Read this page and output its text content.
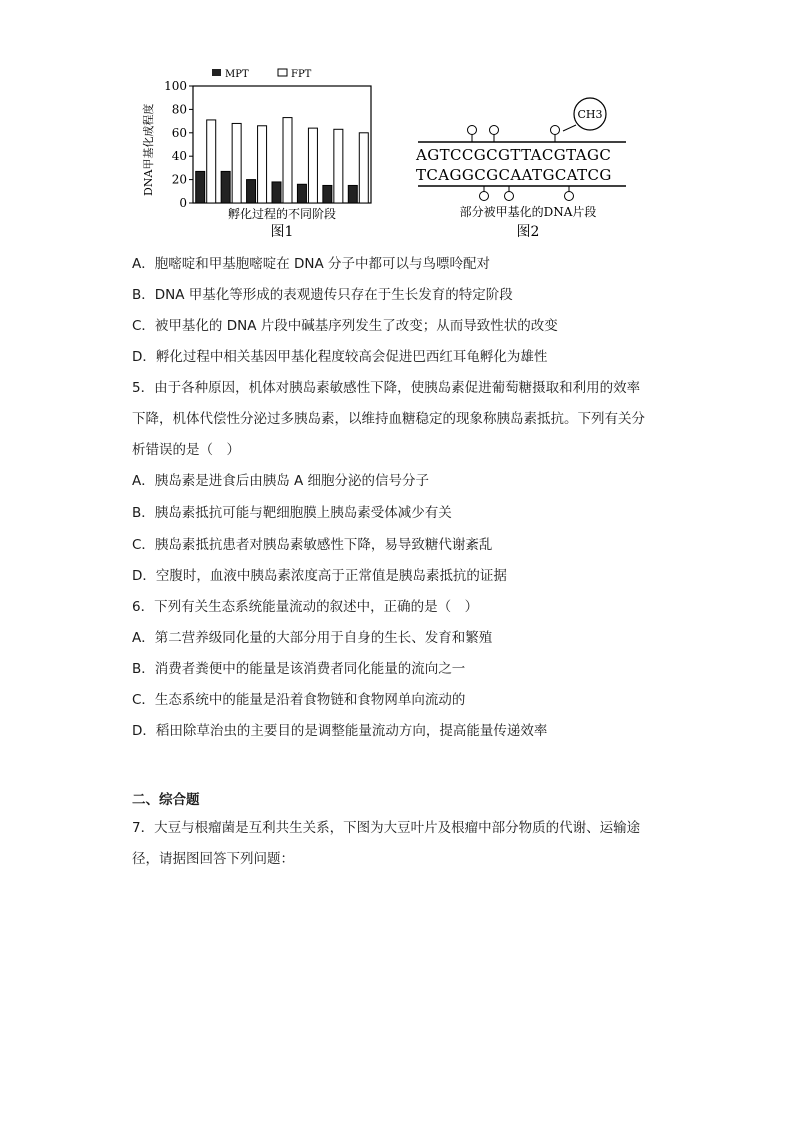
0
20
40
60
80
100
MPT	FPT
DNA甲基化成程度
孵化过程的不同阶段
图1
CH3
AGTCCGCGTTACGTAGC
TCAGGCGCAATGCATCG
部分被甲基化的DNA片段
图2
A．胞嘧啶和甲基胞嘧啶在 DNA 分子中都可以与鸟嘌呤配对
B．DNA 甲基化等形成的表观遗传只存在于生长发育的特定阶段
C．被甲基化的 DNA 片段中碱基序列发生了改变；从而导致性状的改变
D．孵化过程中相关基因甲基化程度较高会促进巴西红耳龟孵化为雄性
5．由于各种原因，机体对胰岛素敏感性下降，使胰岛素促进葡萄糖摄取和利用的效率
下降，机体代偿性分泌过多胰岛素，以维持血糖稳定的现象称胰岛素抵抗。下列有关分
析错误的是（　）
A．胰岛素是进食后由胰岛 A 细胞分泌的信号分子
B．胰岛素抵抗可能与靶细胞膜上胰岛素受体减少有关
C．胰岛素抵抗患者对胰岛素敏感性下降，易导致糖代谢紊乱
D．空腹时，血液中胰岛素浓度高于正常值是胰岛素抵抗的证据
6．下列有关生态系统能量流动的叙述中，正确的是（　）
A．第二营养级同化量的大部分用于自身的生长、发育和繁殖
B．消费者粪便中的能量是该消费者同化能量的流向之一
C．生态系统中的能量是沿着食物链和食物网单向流动的
D．稻田除草治虫的主要目的是调整能量流动方向，提高能量传递效率
二、综合题
7．大豆与根瘤菌是互利共生关系，下图为大豆叶片及根瘤中部分物质的代谢、运输途
径，请据图回答下列问题：
